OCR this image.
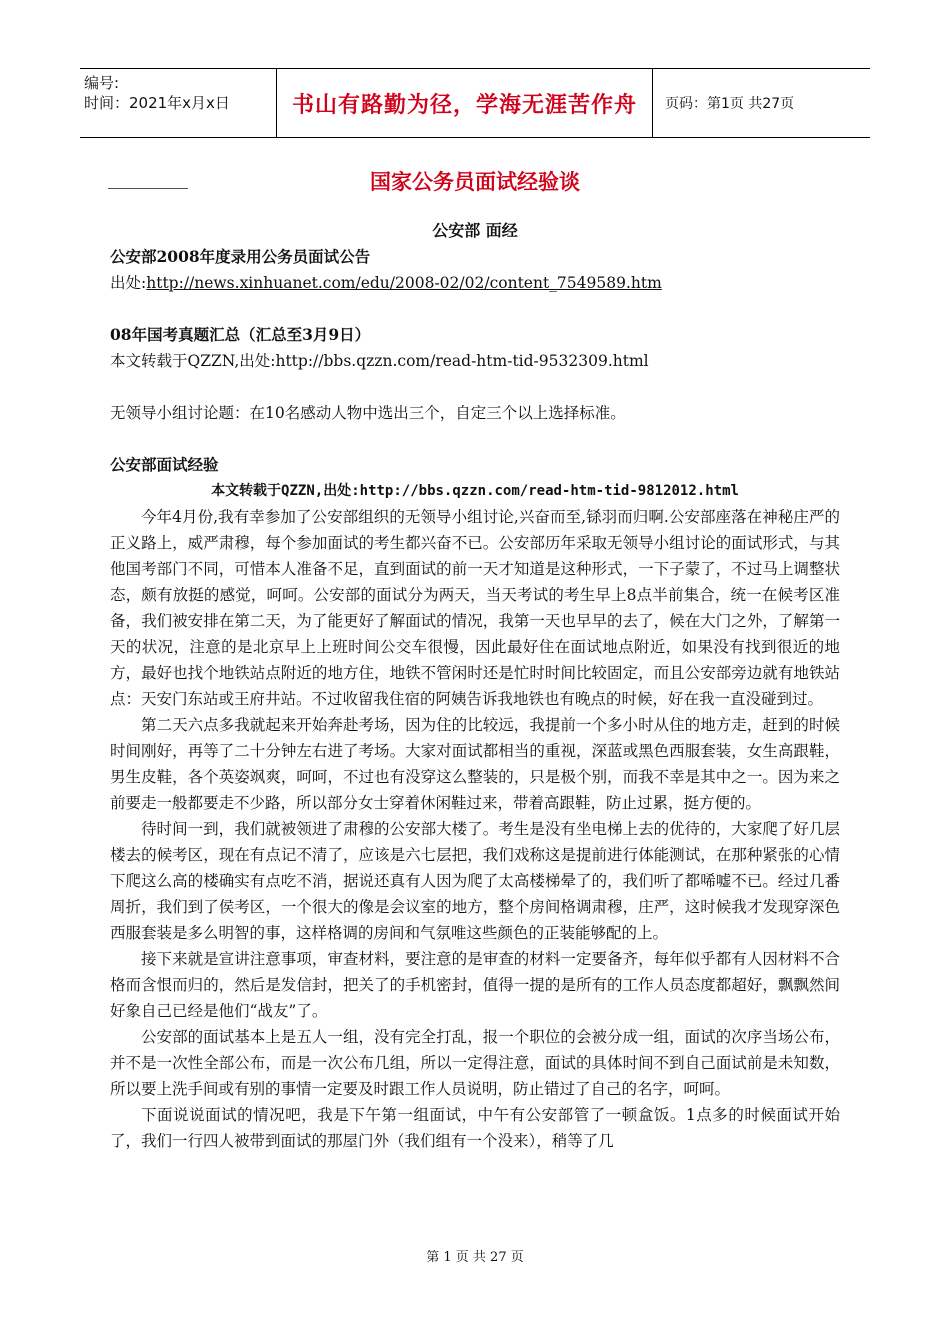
编号:
时间：2021年x月x日	书山有路勤为径，学海无涯苦作舟	页码：第1页 共27页
国家公务员面试经验谈
公安部 面经
公安部2008年度录用公务员面试公告
出处:http://news.xinhuanet.com/edu/2008-02/02/content_7549589.htm
08年国考真题汇总（汇总至3月9日）
本文转载于QZZN,出处:http://bbs.qzzn.com/read-htm-tid-9532309.html
无领导小组讨论题：在10名感动人物中选出三个，自定三个以上选择标准。
公安部面试经验
本文转载于QZZN,出处:http://bbs.qzzn.com/read-htm-tid-9812012.html

今年4月份,我有幸参加了公安部组织的无领导小组讨论,兴奋而至,铩羽而归啊.公安部座落在神秘庄严的正义路上，威严肃穆，每个参加面试的考生都兴奋不已。公安部历年采取无领导小组讨论的面试形式，与其他国考部门不同，可惜本人准备不足，直到面试的前一天才知道是这种形式，一下子蒙了，不过马上调整状态，颇有放挺的感觉，呵呵。公安部的面试分为两天，当天考试的考生早上8点半前集合，统一在候考区准备，我们被安排在第二天，为了能更好了解面试的情况，我第一天也早早的去了，候在大门之外，了解第一天的状况，注意的是北京早上上班时间公交车很慢，因此最好住在面试地点附近，如果没有找到很近的地方，最好也找个地铁站点附近的地方住，地铁不管闲时还是忙时时间比较固定，而且公安部旁边就有地铁站点：天安门东站或王府井站。不过收留我住宿的阿姨告诉我地铁也有晚点的时候，好在我一直没碰到过。

第二天六点多我就起来开始奔赴考场，因为住的比较远，我提前一个多小时从住的地方走，赶到的时候时间刚好，再等了二十分钟左右进了考场。大家对面试都相当的重视，深蓝或黑色西服套装，女生高跟鞋，男生皮鞋，各个英姿飒爽，呵呵，不过也有没穿这么整装的，只是极个别，而我不幸是其中之一。因为来之前要走一般都要走不少路，所以部分女士穿着休闲鞋过来，带着高跟鞋，防止过累，挺方便的。

待时间一到，我们就被领进了肃穆的公安部大楼了。考生是没有坐电梯上去的优待的，大家爬了好几层楼去的候考区，现在有点记不清了，应该是六七层把，我们戏称这是提前进行体能测试，在那种紧张的心情下爬这么高的楼确实有点吃不消，据说还真有人因为爬了太高楼梯晕了的，我们听了都唏嘘不已。经过几番周折，我们到了侯考区，一个很大的像是会议室的地方，整个房间格调肃穆，庄严，这时候我才发现穿深色西服套装是多么明智的事，这样格调的房间和气氛唯这些颜色的正装能够配的上。

接下来就是宣讲注意事项，审查材料，要注意的是审查的材料一定要备齐，每年似乎都有人因材料不合格而含恨而归的，然后是发信封，把关了的手机密封，值得一提的是所有的工作人员态度都超好，飘飘然间好象自己已经是他们“战友”了。

公安部的面试基本上是五人一组，没有完全打乱，报一个职位的会被分成一组，面试的次序当场公布，并不是一次性全部公布，而是一次公布几组，所以一定得注意，面试的具体时间不到自己面试前是未知数，所以要上洗手间或有别的事情一定要及时跟工作人员说明，防止错过了自己的名字，呵呵。

下面说说面试的情况吧，我是下午第一组面试，中午有公安部管了一顿盒饭。1点多的时候面试开始了，我们一行四人被带到面试的那屋门外（我们组有一个没来），稍等了几

第 1 页 共 27 页
